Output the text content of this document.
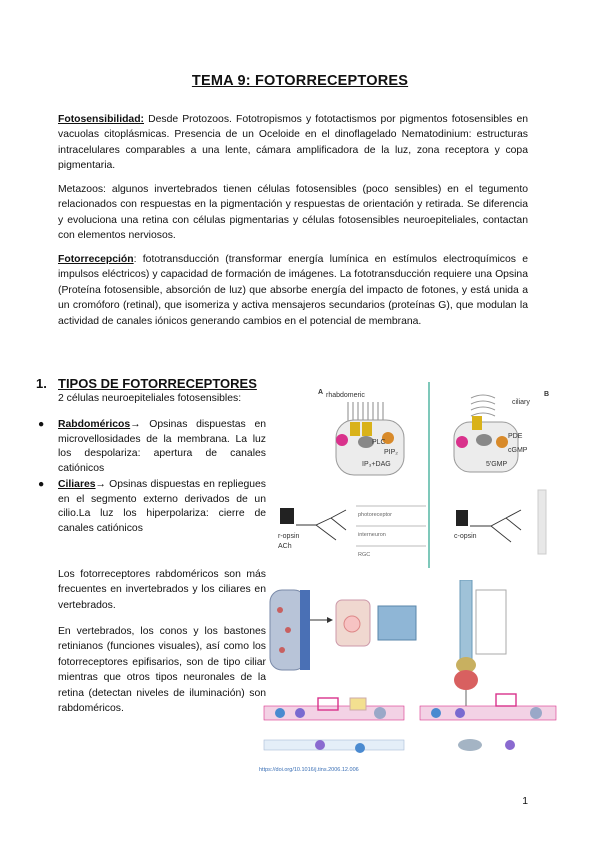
TEMA 9: FOTORRECEPTORES
Fotosensibilidad: Desde Protozoos. Fototropismos y fototactismos por pigmentos fotosensibles en vacuolas citoplásmicas. Presencia de un Oceloide en el dinoflagelado Nematodinium: estructuras intracelulares comparables a una lente, cámara amplificadora de la luz, zona receptora y copa pigmentaria.
Metazoos: algunos invertebrados tienen células fotosensibles (poco sensibles) en el tegumento relacionados con respuestas en la pigmentación y respuestas de orientación y retirada. Se diferencia y evoluciona una retina con células pigmentarias y células fotosensibles neuroepiteliales, contactan con elementos nerviosos.
Fotorrecepción: fototransducción (transformar energía lumínica en estímulos electroquímicos e impulsos eléctricos) y capacidad de formación de imágenes. La fototransducción requiere una Opsina (Proteína fotosensible, absorción de luz) que absorbe energía del impacto de fotones, y está unida a un cromóforo (retinal), que isomeriza y activa mensajeros secundarios (proteínas G), que modulan la actividad de canales iónicos generando cambios en el potencial de membrana.
1. TIPOS DE FOTORRECEPTORES
2 células neuroepiteliales fotosensibles:
● Rabdoméricos→ Opsinas dispuestas en microvellosidades de la membrana. La luz los despolariza: apertura de canales catiónicos
● Ciliares→ Opsinas dispuestas en repliegues en el segmento externo derivados de un cilio.La luz los hiperpolariza: cierre de canales catiónicos
Los fotorreceptores rabdoméricos son más frecuentes en invertebrados y los ciliares en vertebrados.
En vertebrados, los conos y los bastones retinianos (funciones visuales), así como los fotorreceptores epifisarios, son de tipo ciliar mientras que otros tipos neuronales de la retina (detectan niveles de iluminación) son rabdoméricos.
A rhabdomeric
PLC
PIP₂
IP₃+DAG
B
ciliary
PDE
cGMP
5'GMP
r-opsin
ACh
photoreceptor
interneuron
RGC
c-opsin
https://doi.org/10.1016/j.tins.2006.12.006
1
